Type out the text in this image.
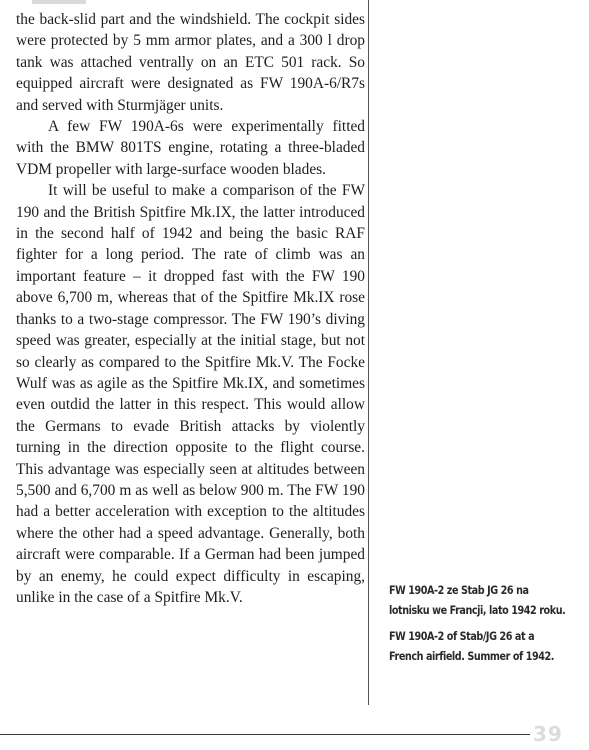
the back-slid part and the windshield. The cockpit sides were protected by 5 mm armor plates, and a 300 l drop tank was attached ventrally on an ETC 501 rack. So equipped aircraft were designated as FW 190A-6/R7s and served with Sturmjäger units.

A few FW 190A-6s were experimentally fitted with the BMW 801TS engine, rotating a three-bladed VDM propeller with large-surface wooden blades.

It will be useful to make a comparison of the FW 190 and the British Spitfire Mk.IX, the latter introduced in the second half of 1942 and being the basic RAF fighter for a long period. The rate of climb was an important feature – it dropped fast with the FW 190 above 6,700 m, whereas that of the Spitfire Mk.IX rose thanks to a two-stage compressor. The FW 190’s diving speed was greater, especially at the initial stage, but not so clearly as compared to the Spitfire Mk.V. The Focke Wulf was as agile as the Spitfire Mk.IX, and sometimes even outdid the latter in this respect. This would allow the Germans to evade British attacks by violently turning in the direction opposite to the flight course. This advantage was especially seen at altitudes between 5,500 and 6,700 m as well as below 900 m. The FW 190 had a better acceleration with exception to the altitudes where the other had a speed advantage. Generally, both aircraft were comparable. If a German had been jumped by an enemy, he could expect difficulty in escaping, unlike in the case of a Spitfire Mk.V.	FW 190A-2 ze Stab JG 26 na lotnisku we Francji, lato 1942 roku.

FW 190A-2 of Stab/JG 26 at a French airfield. Summer of 1942.

39
